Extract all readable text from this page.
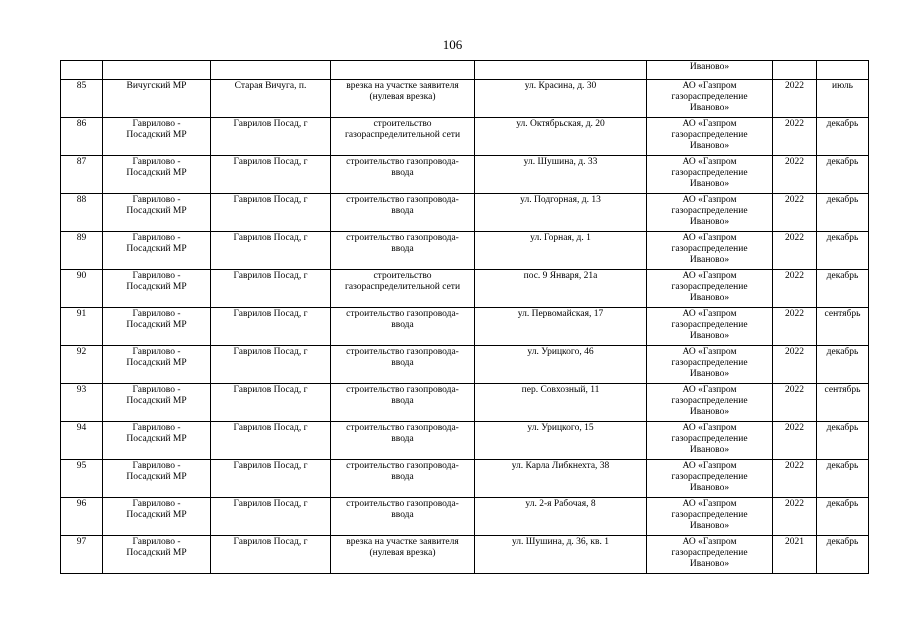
106

					Иваново»		

85	Вичугский МР	Старая Вичуга, п.	врезка на участке заявителя
(нулевая врезка)	ул. Красина, д. 30	АО «Газпром
газораспределение
Иваново»	2022	июль

86	Гаврилово -
Посадский МР	Гаврилов Посад, г	строительство
газораспределительной сети	ул. Октябрьская, д. 20	АО «Газпром
газораспределение
Иваново»	2022	декабрь

87	Гаврилово -
Посадский МР	Гаврилов Посад, г	строительство газопровода-
ввода	ул. Шушина, д. 33	АО «Газпром
газораспределение
Иваново»	2022	декабрь

88	Гаврилово -
Посадский МР	Гаврилов Посад, г	строительство газопровода-
ввода	ул. Подгорная, д. 13	АО «Газпром
газораспределение
Иваново»	2022	декабрь

89	Гаврилово -
Посадский МР	Гаврилов Посад, г	строительство газопровода-
ввода	ул. Горная, д. 1	АО «Газпром
газораспределение
Иваново»	2022	декабрь

90	Гаврилово -
Посадский МР	Гаврилов Посад, г	строительство
газораспределительной сети	пос. 9 Января, 21а	АО «Газпром
газораспределение
Иваново»	2022	декабрь

91	Гаврилово -
Посадский МР	Гаврилов Посад, г	строительство газопровода-
ввода	ул. Первомайская, 17	АО «Газпром
газораспределение
Иваново»	2022	сентябрь

92	Гаврилово -
Посадский МР	Гаврилов Посад, г	строительство газопровода-
ввода	ул. Урицкого, 46	АО «Газпром
газораспределение
Иваново»	2022	декабрь

93	Гаврилово -
Посадский МР	Гаврилов Посад, г	строительство газопровода-
ввода	пер. Совхозный, 11	АО «Газпром
газораспределение
Иваново»	2022	сентябрь

94	Гаврилово -
Посадский МР	Гаврилов Посад, г	строительство газопровода-
ввода	ул. Урицкого, 15	АО «Газпром
газораспределение
Иваново»	2022	декабрь

95	Гаврилово -
Посадский МР	Гаврилов Посад, г	строительство газопровода-
ввода	ул. Карла Либкнехта, 38	АО «Газпром
газораспределение
Иваново»	2022	декабрь

96	Гаврилово -
Посадский МР	Гаврилов Посад, г	строительство газопровода-
ввода	ул. 2-я Рабочая, 8	АО «Газпром
газораспределение
Иваново»	2022	декабрь

97	Гаврилово -
Посадский МР	Гаврилов Посад, г	врезка на участке заявителя
(нулевая врезка)	ул. Шушина, д. 36, кв. 1	АО «Газпром
газораспределение
Иваново»	2021	декабрь
